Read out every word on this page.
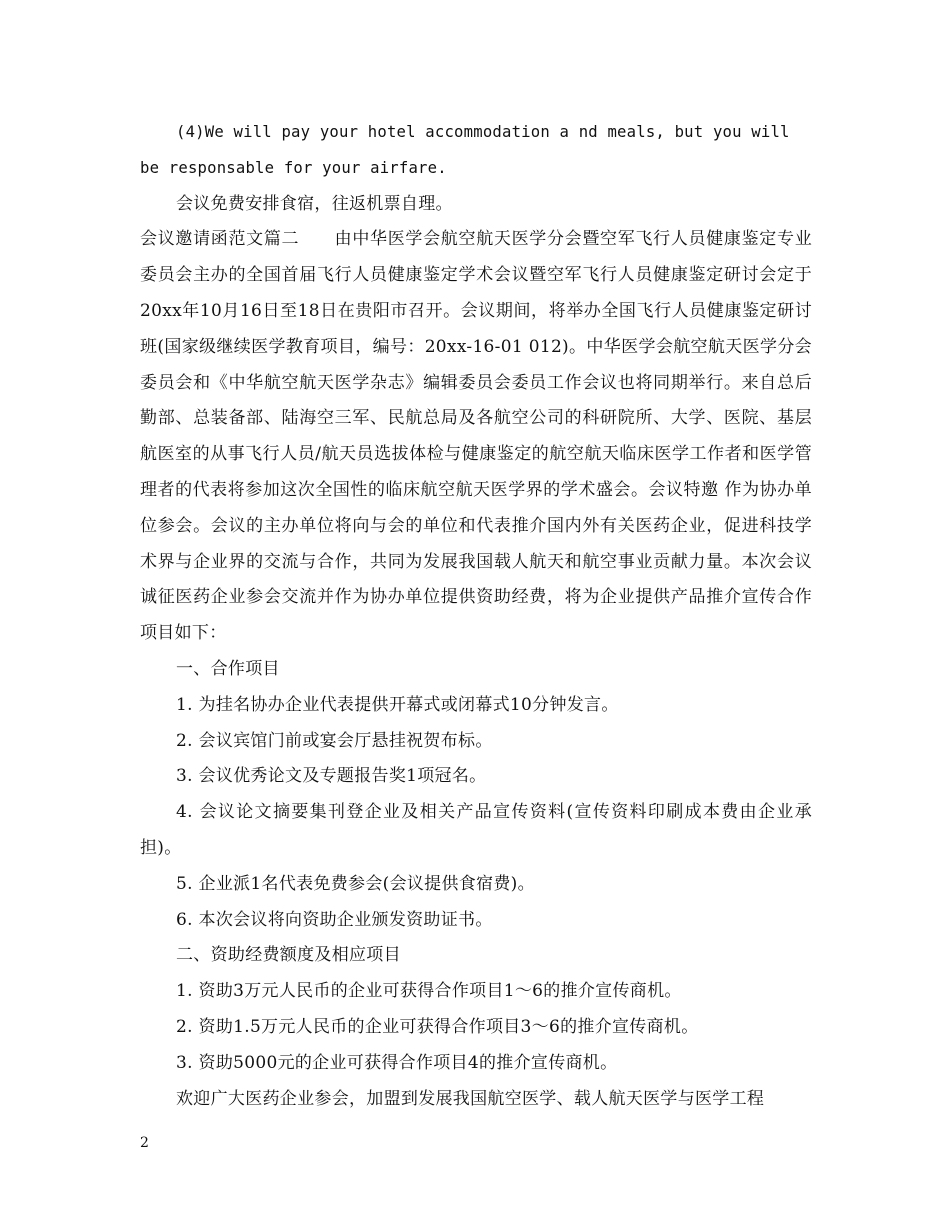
(4)We will pay your hotel accommodation a nd meals, but you will be responsable for your airfare.

会议免费安排食宿，往返机票自理。

会议邀请函范文篇二　　由中华医学会航空航天医学分会暨空军飞行人员健康鉴定专业委员会主办的全国首届飞行人员健康鉴定学术会议暨空军飞行人员健康鉴定研讨会定于20xx年10月16日至18日在贵阳市召开。会议期间，将举办全国飞行人员健康鉴定研讨班(国家级继续医学教育项目，编号：20xx-16-01 012)。中华医学会航空航天医学分会委员会和《中华航空航天医学杂志》编辑委员会委员工作会议也将同期举行。来自总后勤部、总装备部、陆海空三军、民航总局及各航空公司的科研院所、大学、医院、基层航医室的从事飞行人员/航天员选拔体检与健康鉴定的航空航天临床医学工作者和医学管理者的代表将参加这次全国性的临床航空航天医学界的学术盛会。会议特邀 作为协办单位参会。会议的主办单位将向与会的单位和代表推介国内外有关医药企业，促进科技学术界与企业界的交流与合作，共同为发展我国载人航天和航空事业贡献力量。本次会议诚征医药企业参会交流并作为协办单位提供资助经费，将为企业提供产品推介宣传合作项目如下：

一、合作项目

1. 为挂名协办企业代表提供开幕式或闭幕式10分钟发言。

2. 会议宾馆门前或宴会厅悬挂祝贺布标。

3. 会议优秀论文及专题报告奖1项冠名。

4. 会议论文摘要集刊登企业及相关产品宣传资料(宣传资料印刷成本费由企业承担)。

5. 企业派1名代表免费参会(会议提供食宿费)。

6. 本次会议将向资助企业颁发资助证书。

二、资助经费额度及相应项目

1. 资助3万元人民币的企业可获得合作项目1～6的推介宣传商机。

2. 资助1.5万元人民币的企业可获得合作项目3～6的推介宣传商机。

3. 资助5000元的企业可获得合作项目4的推介宣传商机。

欢迎广大医药企业参会，加盟到发展我国航空医学、载人航天医学与医学工程

2
